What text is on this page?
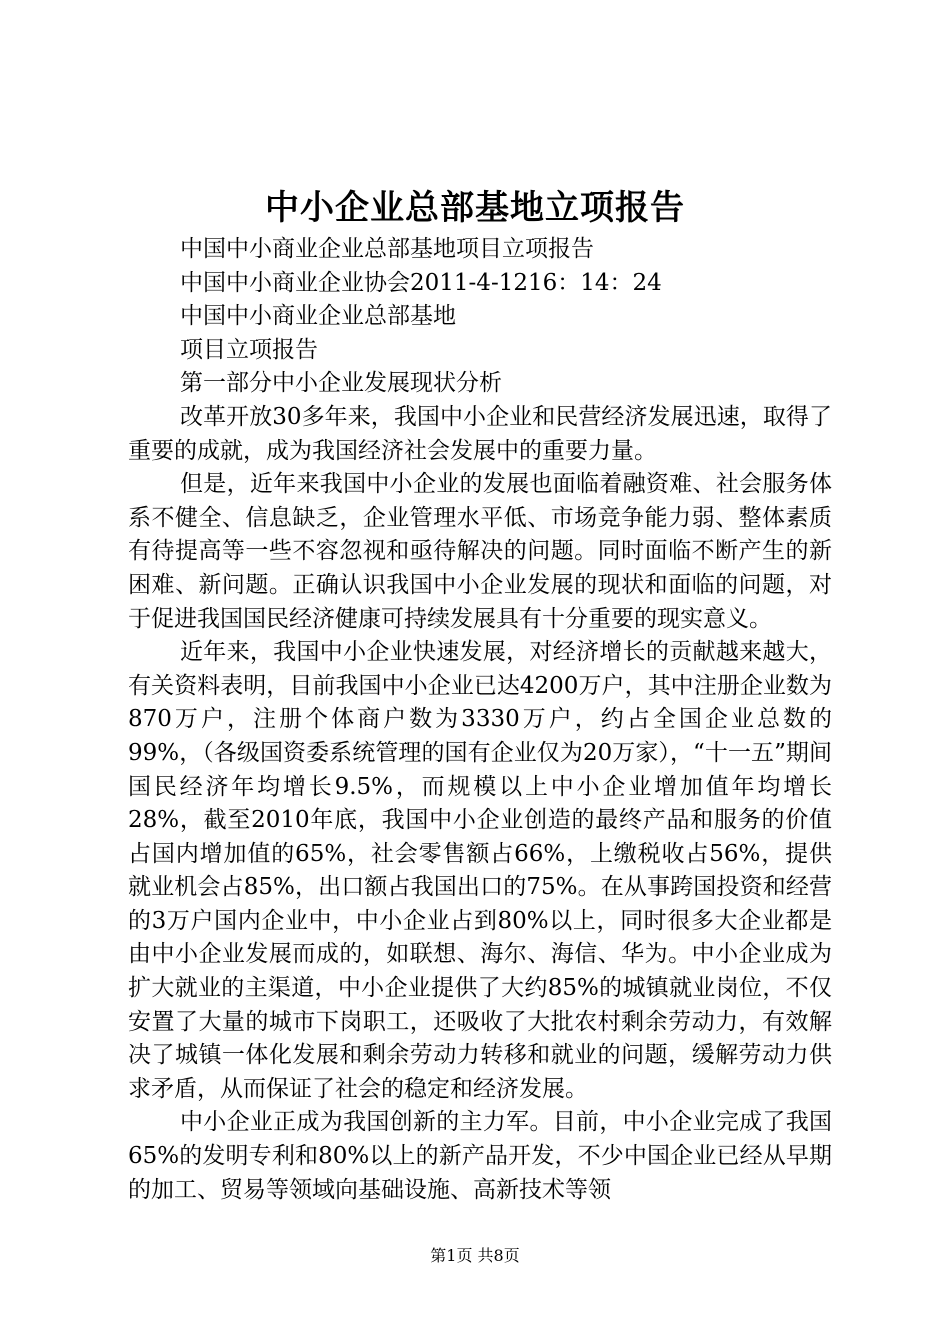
中小企业总部基地立项报告

中国中小商业企业总部基地项目立项报告

中国中小商业企业协会2011-4-1216：14：24

中国中小商业企业总部基地

项目立项报告

第一部分中小企业发展现状分析

改革开放30多年来，我国中小企业和民营经济发展迅速，取得了重要的成就，成为我国经济社会发展中的重要力量。

但是，近年来我国中小企业的发展也面临着融资难、社会服务体系不健全、信息缺乏，企业管理水平低、市场竞争能力弱、整体素质有待提高等一些不容忽视和亟待解决的问题。同时面临不断产生的新困难、新问题。正确认识我国中小企业发展的现状和面临的问题，对于促进我国国民经济健康可持续发展具有十分重要的现实意义。

近年来，我国中小企业快速发展，对经济增长的贡献越来越大，有关资料表明，目前我国中小企业已达4200万户，其中注册企业数为870万户，注册个体商户数为3330万户，约占全国企业总数的99%，（各级国资委系统管理的国有企业仅为20万家），“十一五”期间国民经济年均增长9.5%，而规模以上中小企业增加值年均增长28%，截至2010年底，我国中小企业创造的最终产品和服务的价值占国内增加值的65%，社会零售额占66%，上缴税收占56%，提供就业机会占85%，出口额占我国出口的75%。在从事跨国投资和经营的3万户国内企业中，中小企业占到80%以上，同时很多大企业都是由中小企业发展而成的，如联想、海尔、海信、华为。中小企业成为扩大就业的主渠道，中小企业提供了大约85%的城镇就业岗位，不仅安置了大量的城市下岗职工，还吸收了大批农村剩余劳动力，有效解决了城镇一体化发展和剩余劳动力转移和就业的问题，缓解劳动力供求矛盾，从而保证了社会的稳定和经济发展。

中小企业正成为我国创新的主力军。目前，中小企业完成了我国65%的发明专利和80%以上的新产品开发，不少中国企业已经从早期的加工、贸易等领域向基础设施、高新技术等领

第1页 共8页
